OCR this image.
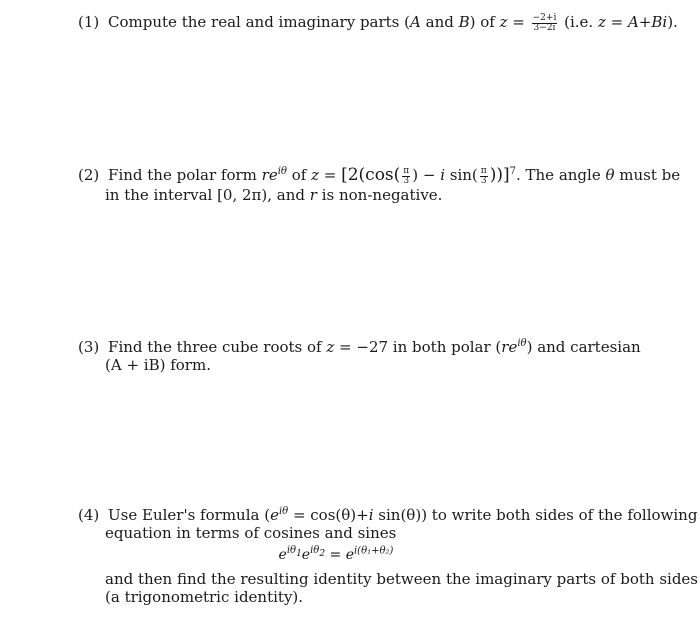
(1) Compute the real and imaginary parts (A and B) of $z = \frac{-2+i}{3-2i} (i.e$. z = A+Bi).
(2) Find the polar form $re^{i\theta}$ of $z = [2(\cos( \frac{\pi}{3}$ ) − i $\sin( \frac{\pi}{3} ))]^7$. The angle θ must be
in the interval [0, 2π), and r is non-negative.
(3) Find the three cube roots of z = −27 in both polar $(re^{i\theta})$ and cartesian
(A + iB) form.
(4) Use Euler's formula ($e^{i\theta} = \cos(\theta)+i$ sin(θ)) to write both sides of the following
equation in terms of cosines and sines
$e^{i\theta_1}e^{i\theta_2} = e^{i(\theta_1+\theta_2)}$
and then find the resulting identity between the imaginary parts of both sides
(a trigonometric identity).
